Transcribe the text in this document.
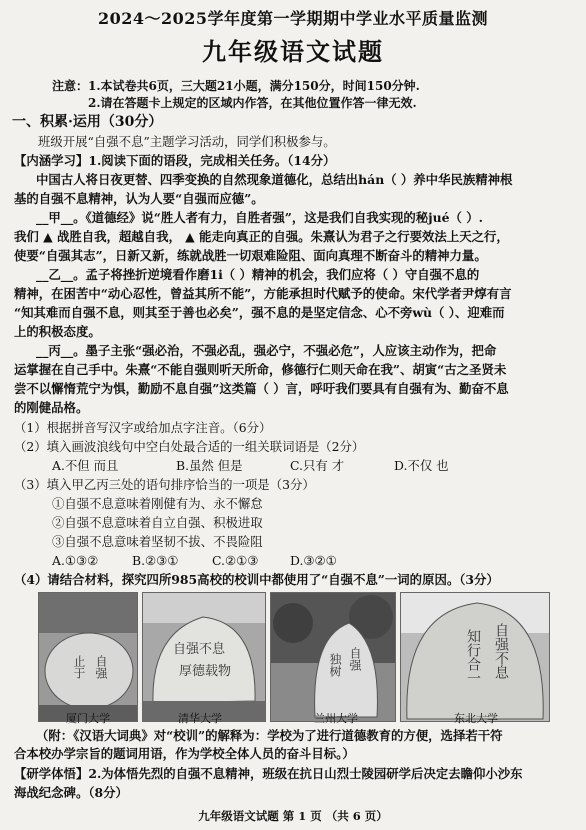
2024～2025学年度第一学期期中学业水平质量监测
九年级语文试题
注意：1.本试卷共6页，三大题21小题，满分150分，时间150分钟.
2.请在答题卡上规定的区域内作答，在其他位置作答一律无效.
一、积累·运用（30分）
班级开展“自强不息”主题学习活动，同学们积极参与。
【内涵学习】1.阅读下面的语段，完成相关任务。（14分）
中国古人将日夜更替、四季变换的自然现象道德化，总结出hán（ ）养中华民族精神根
基的自强不息精神，认为人要“自强而应德”。
__甲__。《道德经》说“胜人者有力，自胜者强”，这是我们自我实现的秘jué（ ）.
我们 ▲ 战胜自我，超越自我， ▲ 能走向真正的自强。朱熹认为君子之行要效法上天之行，
使要“自强其志”，日新又新，练就战胜一切艰难险阻、面向真理不断奋斗的精神力量。
__乙__。孟子将挫折逆境看作磨1i（ ）精神的机会，我们应将（ ）守自强不息的
精神，在困苦中“动心忍性，曾益其所不能”，方能承担时代赋予的使命。宋代学者尹焞有言
“知其难而自强不息，则其至于善也必矣”，强不息的是坚定信念、心不旁wù（ ）、迎难而
上的积极态度。
__丙__。墨子主张“强必治，不强必乱，强必宁，不强必危”，人应该主动作为，把命
运掌握在自己手中。朱熹“不能自强则听天所命，修德行仁则天命在我”、胡寅“古之圣贤未
尝不以懈惰荒宁为惧，勤励不息自强”这类篇（ ）言，呼吁我们要具有自强有为、勤奋不息
的刚健品格。
（1）根据拼音写汉字或给加点字注音。（6分）
（2）填入画波浪线句中空白处最合适的一组关联词语是（2分）
A.不但 而且	B.虽然 但是	C.只有 才	D.不仅 也
（3）填入甲乙丙三处的语句排序恰当的一项是（3分）
①自强不息意味着刚健有为、永不懈怠
②自强不息意味着自立自强、积极进取
③自强不息意味着坚韧不拔、不畏险阻
A.①③②	B.②③①	C.②①③	D.③②①
（4）请结合材料，探究四所985高校的校训中都使用了“自强不息”一词的原因。（3分）
自强
止于
自强不息
厚德载物
自强
独树	自强不息
知行合一
厦门大学	清华大学	兰州大学	东北大学
（附：《汉语大词典》对“校训”的解释为：学校为了进行道德教育的方便，选择若干符
合本校办学宗旨的题词用语，作为学校全体人员的奋斗目标。）
【研学体悟】2.为体悟先烈的自强不息精神，班级在抗日山烈士陵园研学后决定去瞻仰小沙东
海战纪念碑。（8分）
九年级语文试题 第 1 页 （共 6 页）
